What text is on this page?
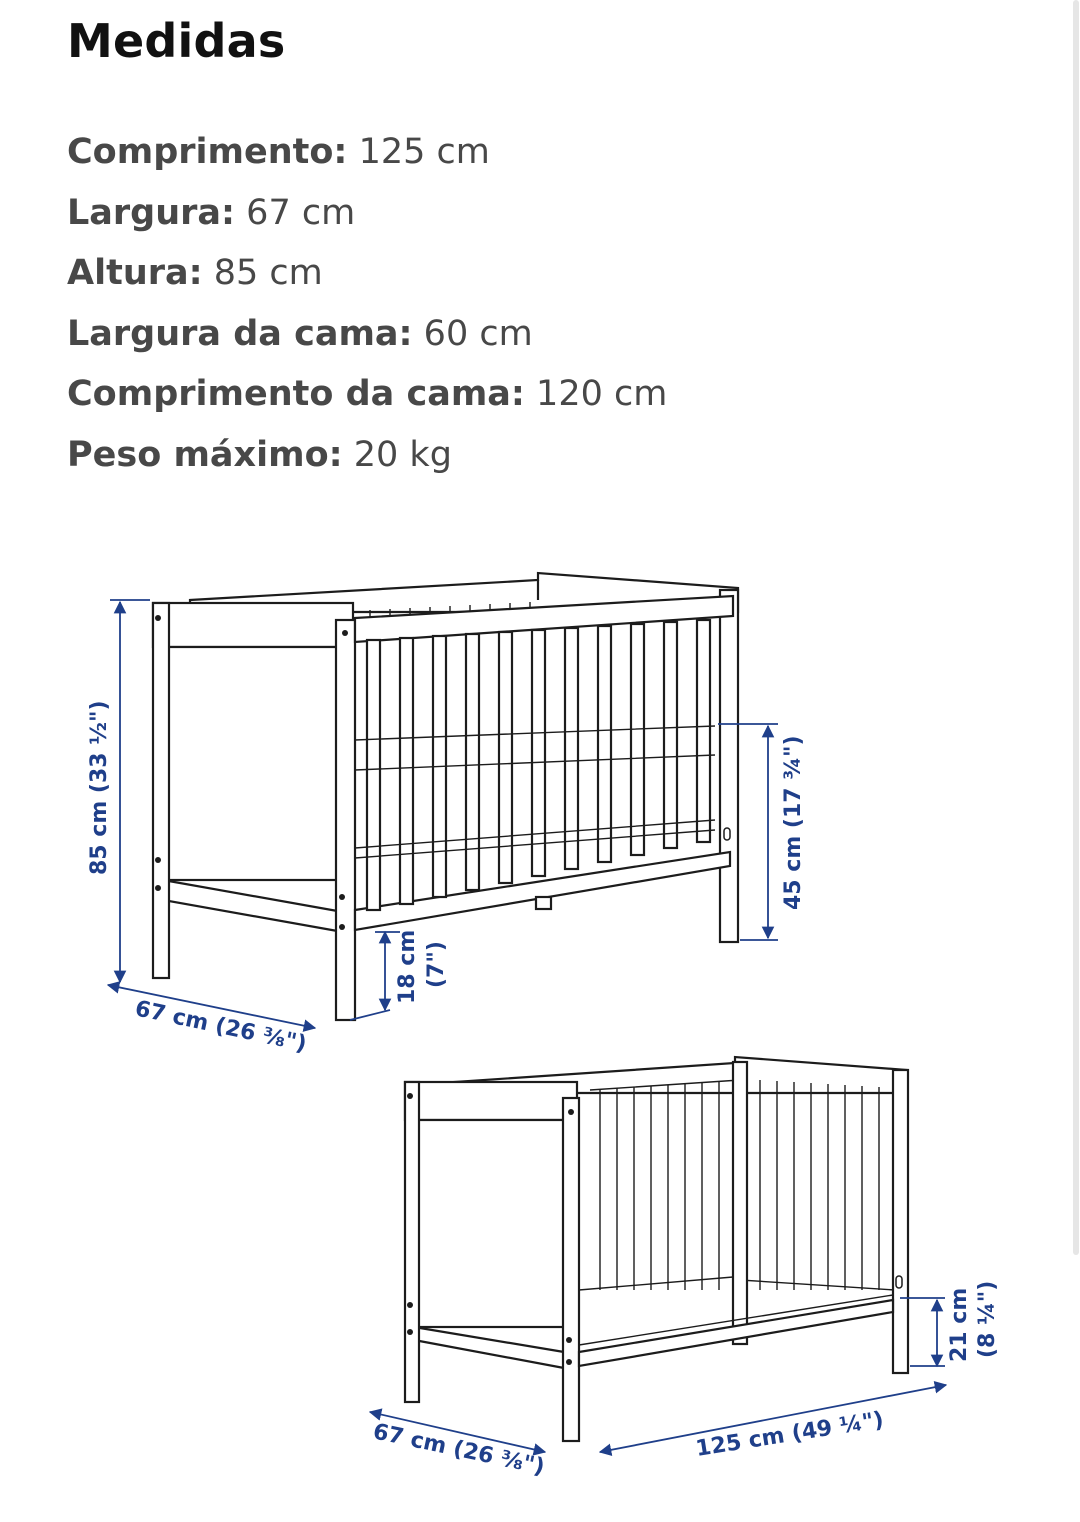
Medidas
Comprimento: 125 cm
Largura: 67 cm
Altura: 85 cm
Largura da cama: 60 cm
Comprimento da cama: 120 cm
Peso máximo: 20 kg
85 cm (33 ½")
67 cm (26 ⅜")
18 cm (7")
45 cm (17 ¾")
21 cm (8 ¼")
67 cm (26 ⅜")	125 cm (49 ¼")
